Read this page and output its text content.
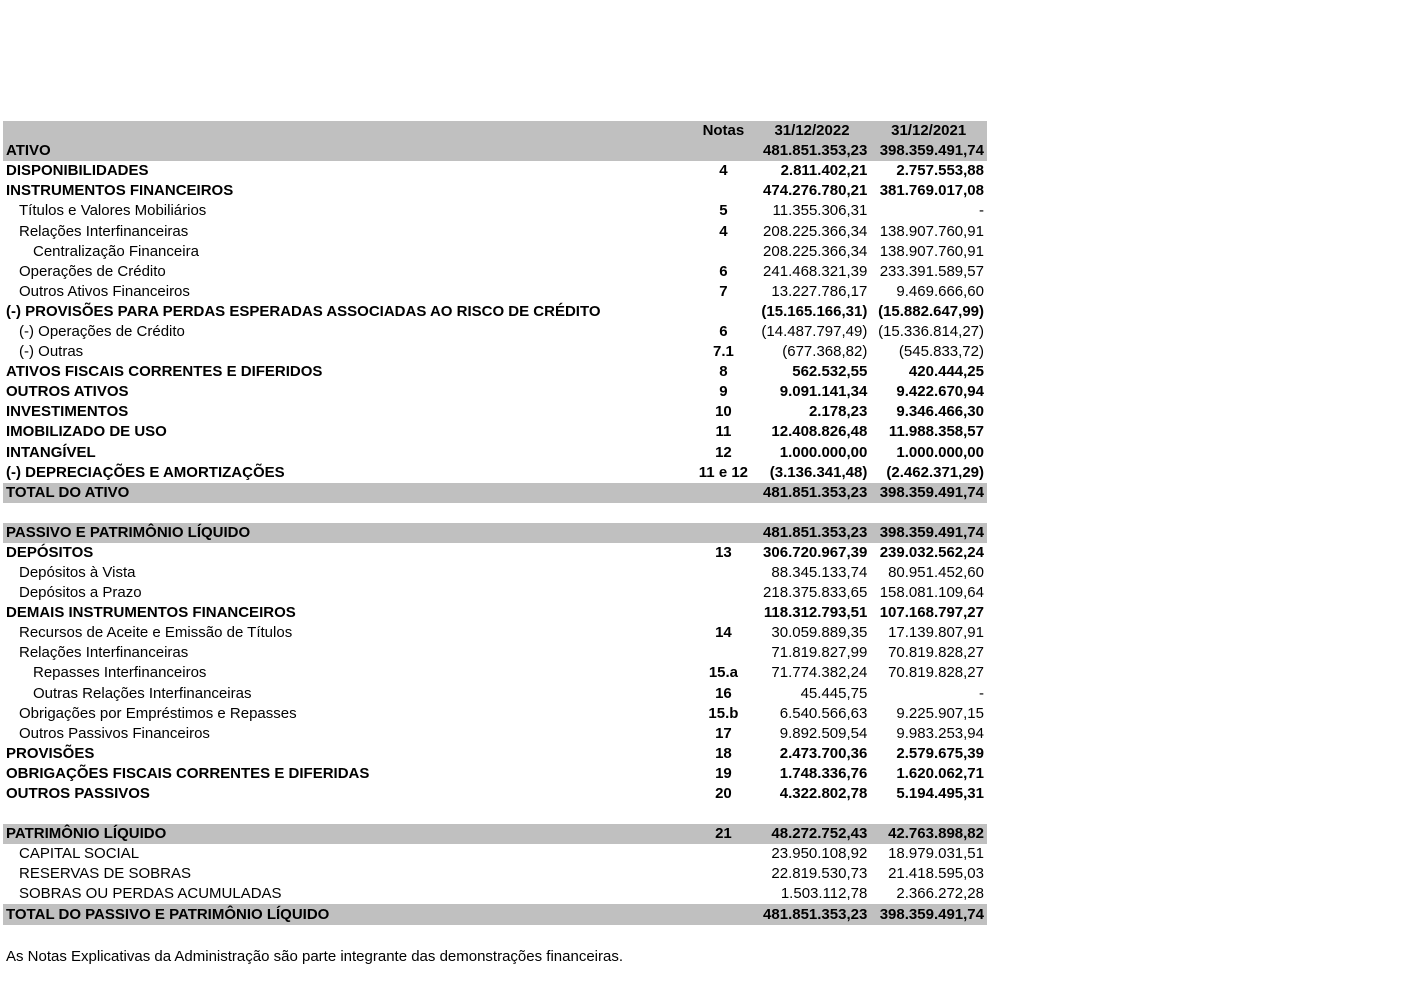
	Notas	31/12/2022	31/12/2021
ATIVO		481.851.353,23	398.359.491,74
DISPONIBILIDADES	4	2.811.402,21	2.757.553,88
INSTRUMENTOS FINANCEIROS		474.276.780,21	381.769.017,08
Títulos e Valores Mobiliários	5	11.355.306,31	-
Relações Interfinanceiras	4	208.225.366,34	138.907.760,91
Centralização Financeira		208.225.366,34	138.907.760,91
Operações de Crédito	6	241.468.321,39	233.391.589,57
Outros Ativos Financeiros	7	13.227.786,17	9.469.666,60
(-) PROVISÕES PARA PERDAS ESPERADAS ASSOCIADAS AO RISCO DE CRÉDITO		(15.165.166,31)	(15.882.647,99)
(-) Operações de Crédito	6	(14.487.797,49)	(15.336.814,27)
(-) Outras	7.1	(677.368,82)	(545.833,72)
ATIVOS FISCAIS CORRENTES E DIFERIDOS	8	562.532,55	420.444,25
OUTROS ATIVOS	9	9.091.141,34	9.422.670,94
INVESTIMENTOS	10	2.178,23	9.346.466,30
IMOBILIZADO DE USO	11	12.408.826,48	11.988.358,57
INTANGÍVEL	12	1.000.000,00	1.000.000,00
(-) DEPRECIAÇÕES E AMORTIZAÇÕES	11 e 12	(3.136.341,48)	(2.462.371,29)
TOTAL DO ATIVO		481.851.353,23	398.359.491,74

PASSIVO E PATRIMÔNIO LÍQUIDO		481.851.353,23	398.359.491,74
DEPÓSITOS	13	306.720.967,39	239.032.562,24
Depósitos à Vista		88.345.133,74	80.951.452,60
Depósitos a Prazo		218.375.833,65	158.081.109,64
DEMAIS INSTRUMENTOS FINANCEIROS		118.312.793,51	107.168.797,27
Recursos de Aceite e Emissão de Títulos	14	30.059.889,35	17.139.807,91
Relações Interfinanceiras		71.819.827,99	70.819.828,27
Repasses Interfinanceiros	15.a	71.774.382,24	70.819.828,27
Outras Relações Interfinanceiras	16	45.445,75	-
Obrigações por Empréstimos e Repasses	15.b	6.540.566,63	9.225.907,15
Outros Passivos Financeiros	17	9.892.509,54	9.983.253,94
PROVISÕES	18	2.473.700,36	2.579.675,39
OBRIGAÇÕES FISCAIS CORRENTES E DIFERIDAS	19	1.748.336,76	1.620.062,71
OUTROS PASSIVOS	20	4.322.802,78	5.194.495,31

PATRIMÔNIO LÍQUIDO	21	48.272.752,43	42.763.898,82
CAPITAL SOCIAL		23.950.108,92	18.979.031,51
RESERVAS DE SOBRAS		22.819.530,73	21.418.595,03
SOBRAS OU PERDAS ACUMULADAS		1.503.112,78	2.366.272,28
TOTAL DO PASSIVO E PATRIMÔNIO LÍQUIDO		481.851.353,23	398.359.491,74
As Notas Explicativas da Administração são parte integrante das demonstrações financeiras.
